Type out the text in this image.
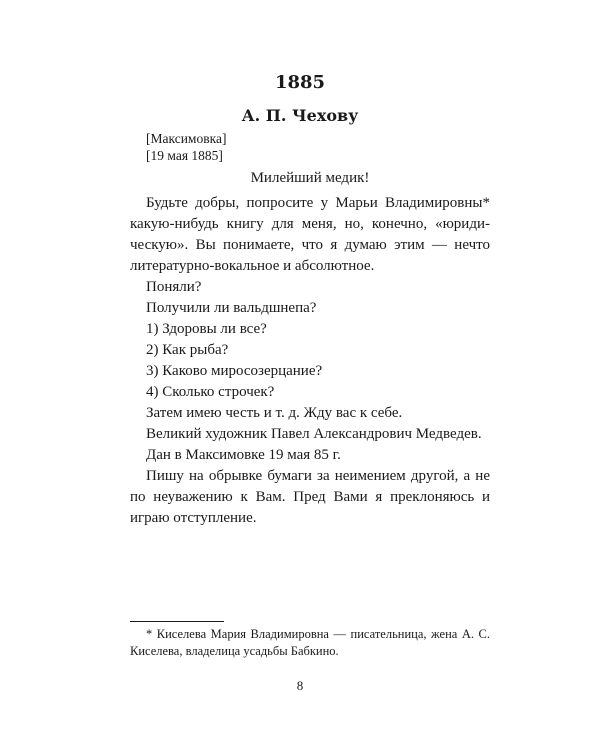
1885
А. П. Чехову
[Максимовка]
[19 мая 1885]

Милейший медик!

Будьте добры, попросите у Марьи Владимировны* какую-нибудь книгу для меня, но, конечно, «юридическую». Вы понимаете, что я думаю этим — нечто литературно-вокальное и абсолютное.

Поняли?

Получили ли вальдшнепа?

1) Здоровы ли все?

2) Как рыба?

3) Каково миросозерцание?

4) Сколько строчек?

Затем имею честь и т. д. Жду вас к себе.

Великий художник Павел Александрович Медведев.

Дан в Максимовке 19 мая 85 г.

Пишу на обрывке бумаги за неимением другой, а не по неуважению к Вам. Пред Вами я преклоняюсь и играю отступление.

* Киселева Мария Владимировна — писательница, жена А. С. Киселева, владелица усадьбы Бабкино.
8
